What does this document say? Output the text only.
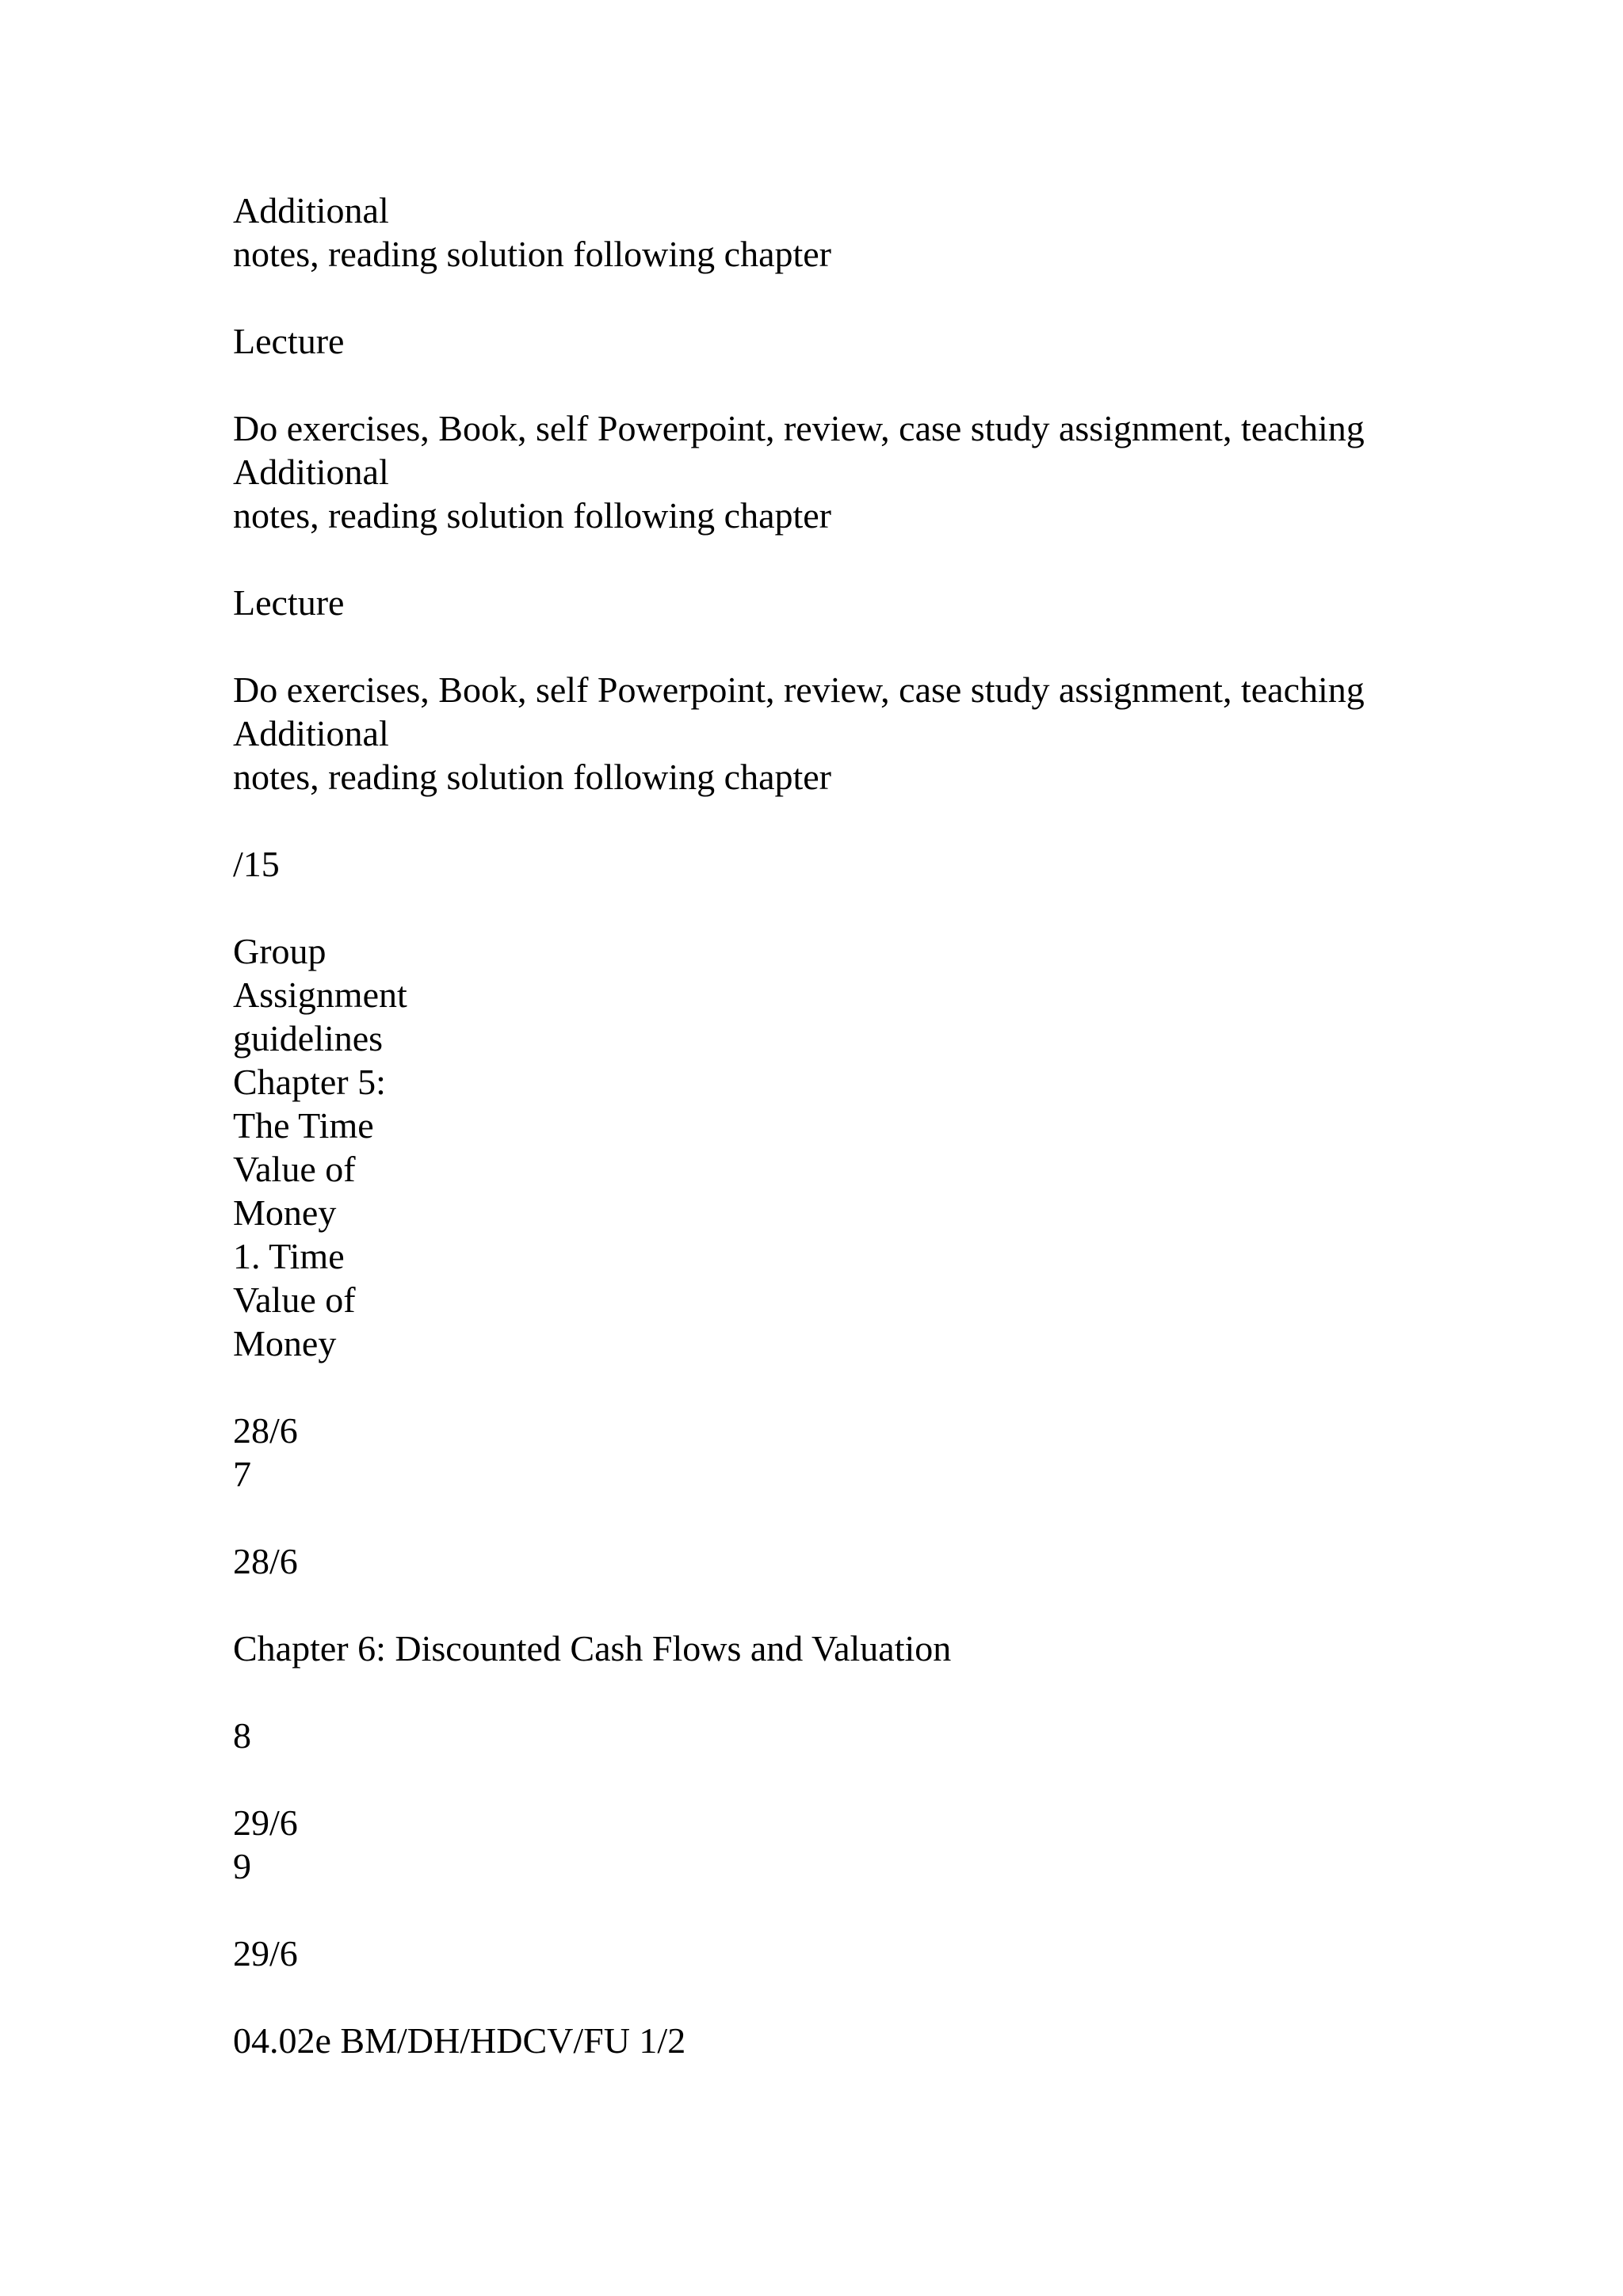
Additional
notes, reading solution following chapter
Lecture
Do exercises, Book, self Powerpoint, review, case study assignment, teaching
Additional
notes, reading solution following chapter
Lecture
Do exercises, Book, self Powerpoint, review, case study assignment, teaching
Additional
notes, reading solution following chapter
/15
Group
Assignment
guidelines
Chapter 5:
The Time
Value of
Money
1. Time
Value of
Money
28/6
7
28/6
Chapter 6: Discounted Cash Flows and Valuation
8
29/6
9
29/6
04.02e BM/DH/HDCV/FU 1/2
